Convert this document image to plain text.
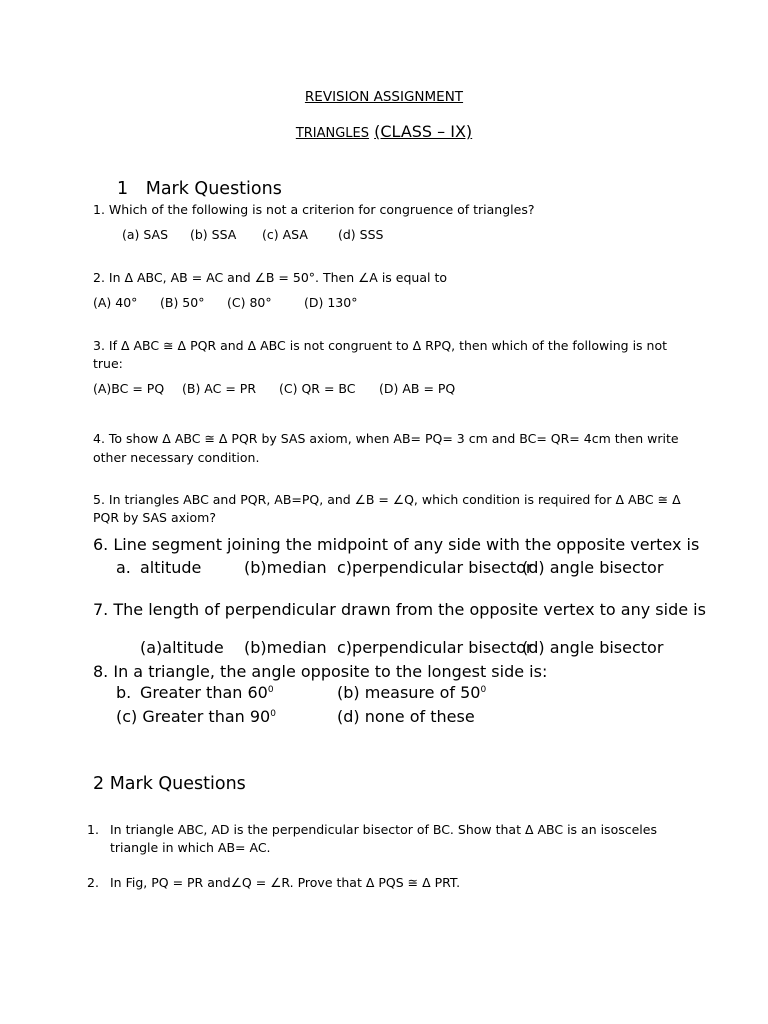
REVISION ASSIGNMENT
TRIANGLES (CLASS – IX)
1 Mark Questions
1. Which of the following is not a criterion for congruence of triangles?
(a) SAS (b) SSA (c) ASA (d) SSS
2. In Δ ABC, AB = AC and ∠B = 50°. Then ∠A is equal to
(A) 40° (B) 50° (C) 80°	(D) 130°
3. If Δ ABC ≅ Δ PQR and Δ ABC is not congruent to Δ RPQ, then which of the following is not
true:
(A)BC = PQ (B) AC = PR (C) QR = BC (D) AB = PQ
4. To show Δ ABC ≅ Δ PQR by SAS axiom, when AB= PQ= 3 cm and BC= QR= 4cm then write
other necessary condition.
5. In triangles ABC and PQR, AB=PQ, and ∠B = ∠Q, which condition is required for Δ ABC ≅ Δ
PQR by SAS axiom?
6. Line segment joining the midpoint of any side with the opposite vertex is
a. altitude	(b)median c)perpendicular bisector
(d) angle bisector
7. The length of perpendicular drawn from the opposite vertex to any side is
(a)altitude (b)median c)perpendicular bisector
(d) angle bisector
8. In a triangle, the angle opposite to the longest side is:
b. Greater than $60^0$	(b) measure of $50^0$
(c) Greater than $90^0$	(d) none of these
2 Mark Questions
1. In triangle ABC, AD is the perpendicular bisector of BC. Show that Δ ABC is an isosceles
triangle in which AB= AC.
2. In Fig, PQ = PR and∠Q = ∠R. Prove that Δ PQS ≅ Δ PRT.
